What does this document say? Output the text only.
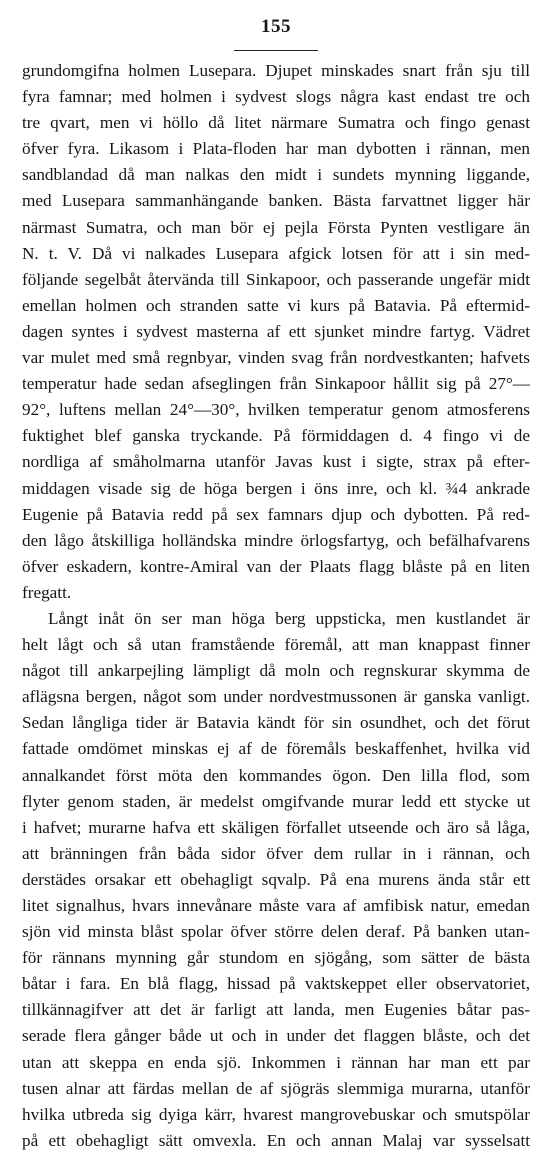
155
grundomgifna holmen Lusepara. Djupet minskades snart från sju till
fyra famnar; med holmen i sydvest slogs några kast endast tre och
tre qvart, men vi höllo då litet närmare Sumatra och fingo genast
öfver fyra. Likasom i Plata-floden har man dybotten i rännan, men
sandblandad då man nalkas den midt i sundets mynning liggande,
med Lusepara sammanhängande banken. Bästa farvattnet ligger här
närmast Sumatra, och man bör ej pejla Första Pynten vestligare än
N. t. V. Då vi nalkades Lusepara afgick lotsen för att i sin med-
följande segelbåt återvända till Sinkapoor, och passerande ungefär midt
emellan holmen och stranden satte vi kurs på Batavia. På eftermid-
dagen syntes i sydvest masterna af ett sjunket mindre fartyg. Vädret
var mulet med små regnbyar, vinden svag från nordvestkanten; hafvets
temperatur hade sedan afseglingen från Sinkapoor hållit sig på 27°—
92°, luftens mellan 24°—30°, hvilken temperatur genom atmosferens
fuktighet blef ganska tryckande. På förmiddagen d. 4 fingo vi de
nordliga af småholmarna utanför Javas kust i sigte, strax på efter-
middagen visade sig de höga bergen i öns inre, och kl. ¾4 ankrade
Eugenie på Batavia redd på sex famnars djup och dybotten. På red-
den lågo åtskilliga holländska mindre örlogsfartyg, och befälhafvarens
öfver eskadern, kontre-Amiral van der Plaats flagg blåste på en liten
fregatt.
Långt inåt ön ser man höga berg uppsticka, men kustlandet är
helt lågt och så utan framstående föremål, att man knappast finner
något till ankarpejling lämpligt då moln och regnskurar skymma de
aflägsna bergen, något som under nordvestmussonen är ganska vanligt.
Sedan långliga tider är Batavia kändt för sin osundhet, och det förut
fattade omdömet minskas ej af de föremåls beskaffenhet, hvilka vid
annalkandet först möta den kommandes ögon. Den lilla flod, som
flyter genom staden, är medelst omgifvande murar ledd ett stycke ut
i hafvet; murarne hafva ett skäligen förfallet utseende och äro så låga,
att bränningen från båda sidor öfver dem rullar in i rännan, och
derstädes orsakar ett obehagligt sqvalp. På ena murens ända står ett
litet signalhus, hvars innevånare måste vara af amfibisk natur, emedan
sjön vid minsta blåst spolar öfver större delen deraf. På banken utan-
för rännans mynning går stundom en sjögång, som sätter de bästa
båtar i fara. En blå flagg, hissad på vaktskeppet eller observatoriet,
tillkännagifver att det är farligt att landa, men Eugenies båtar pas-
serade flera gånger både ut och in under det flaggen blåste, och det
utan att skeppa en enda sjö. Inkommen i rännan har man ett par
tusen alnar att färdas mellan de af sjögräs slemmiga murarna, utanför
hvilka utbreda sig dyiga kärr, hvarest mangrovebuskar och smutspölar
på ett obehagligt sätt omvexla. En och annan Malaj var sysselsatt
